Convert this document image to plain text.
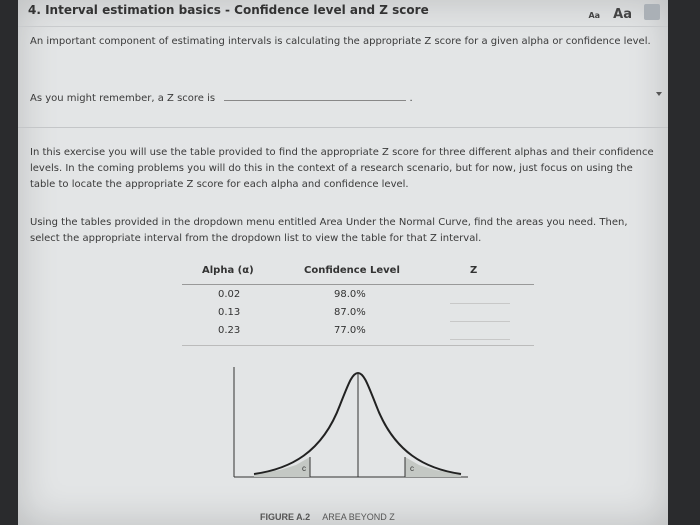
4. Interval estimation basics - Confidence level and Z score	Aa Aa
An important component of estimating intervals is calculating the appropriate Z score for a given alpha or confidence level.
As you might remember, a Z score is	.
In this exercise you will use the table provided to find the appropriate Z score for three different alphas and their confidence levels. In the coming problems you will do this in the context of a research scenario, but for now, just focus on using the table to locate the appropriate Z score for each alpha and confidence level.
Using the tables provided in the dropdown menu entitled Area Under the Normal Curve, find the areas you need. Then, select the appropriate interval from the dropdown list to view the table for that Z interval.
Alpha (α)	Confidence Level	Z
0.02	98.0%
0.13	87.0%
0.23	77.0%
c	c
FIGURE A.2 AREA BEYOND Z
